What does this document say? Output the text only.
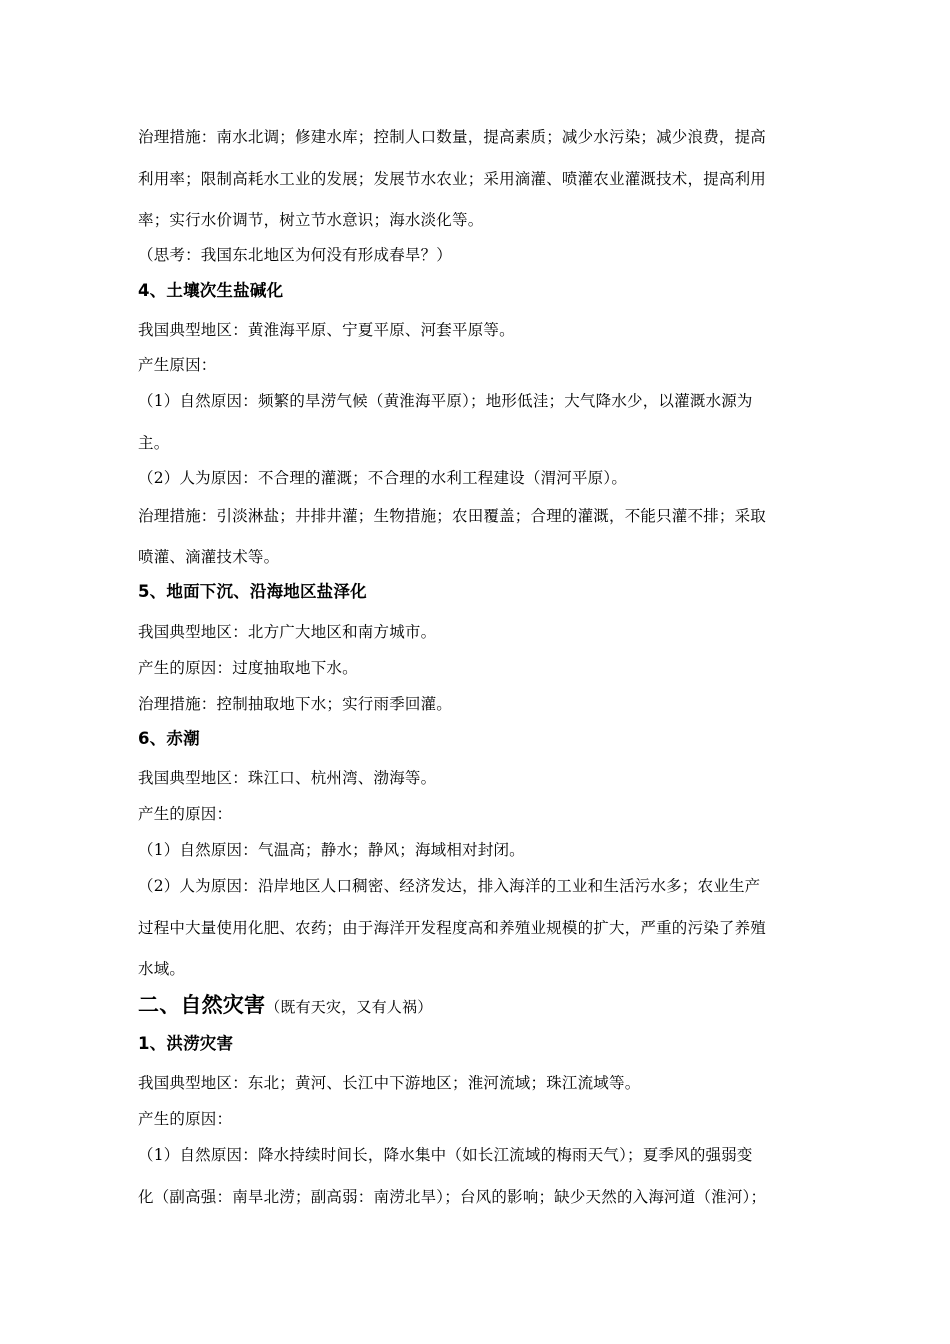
治理措施：南水北调；修建水库；控制人口数量，提高素质；减少水污染；减少浪费，提高
利用率；限制高耗水工业的发展；发展节水农业；采用滴灌、喷灌农业灌溉技术，提高利用
率；实行水价调节，树立节水意识；海水淡化等。
（思考：我国东北地区为何没有形成春旱？）
4、土壤次生盐碱化
我国典型地区：黄淮海平原、宁夏平原、河套平原等。
产生原因：
（1）自然原因：频繁的旱涝气候（黄淮海平原）；地形低洼；大气降水少，以灌溉水源为
主。
（2）人为原因：不合理的灌溉；不合理的水利工程建设（渭河平原）。
治理措施：引淡淋盐；井排井灌；生物措施；农田覆盖；合理的灌溉，不能只灌不排；采取
喷灌、滴灌技术等。
5、地面下沉、沿海地区盐泽化
我国典型地区：北方广大地区和南方城市。
产生的原因：过度抽取地下水。
治理措施：控制抽取地下水；实行雨季回灌。
6、赤潮
我国典型地区：珠江口、杭州湾、渤海等。
产生的原因：
（1）自然原因：气温高；静水；静风；海域相对封闭。
（2）人为原因：沿岸地区人口稠密、经济发达，排入海洋的工业和生活污水多；农业生产
过程中大量使用化肥、农药；由于海洋开发程度高和养殖业规模的扩大，严重的污染了养殖
水域。
二、自然灾害（既有天灾，又有人祸）
1、洪涝灾害
我国典型地区：东北；黄河、长江中下游地区；淮河流域；珠江流域等。
产生的原因：
（1）自然原因：降水持续时间长，降水集中（如长江流域的梅雨天气）；夏季风的强弱变
化（副高强：南旱北涝；副高弱：南涝北旱）；台风的影响；缺少天然的入海河道（淮河）；
